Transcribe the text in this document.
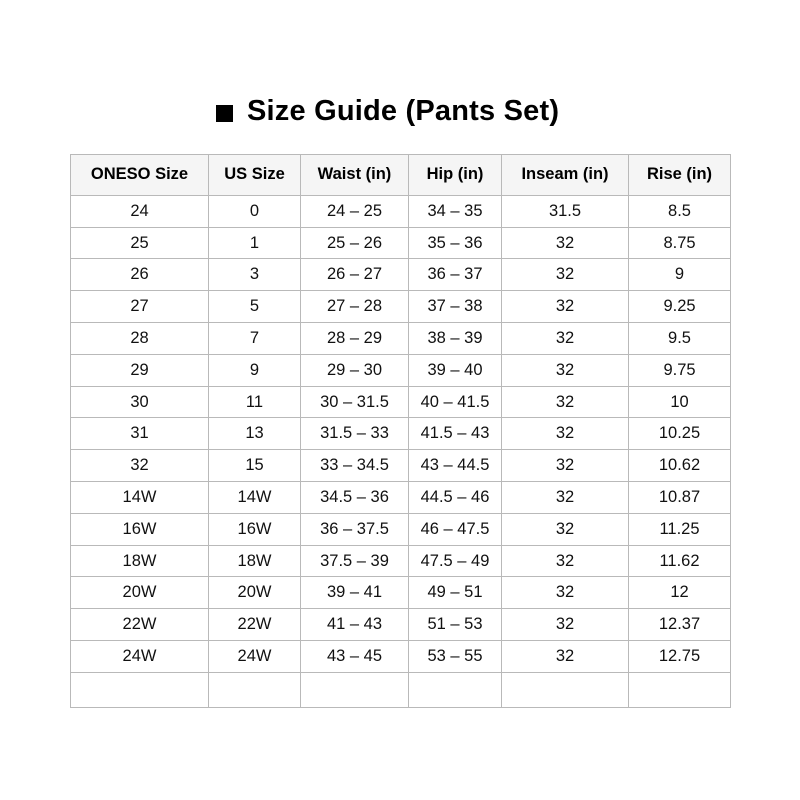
Size Guide (Pants Set)
ONESO Size	US Size	Waist (in)	Hip (in)	Inseam (in)	Rise (in)
24	0	24 – 25	34 – 35	31.5	8.5
25	1	25 – 26	35 – 36	32	8.75
26	3	26 – 27	36 – 37	32	9
27	5	27 – 28	37 – 38	32	9.25
28	7	28 – 29	38 – 39	32	9.5
29	9	29 – 30	39 – 40	32	9.75
30	11	30 – 31.5	40 – 41.5	32	10
31	13	31.5 – 33	41.5 – 43	32	10.25
32	15	33 – 34.5	43 – 44.5	32	10.62
14W	14W	34.5 – 36	44.5 – 46	32	10.87
16W	16W	36 – 37.5	46 – 47.5	32	11.25
18W	18W	37.5 – 39	47.5 – 49	32	11.62
20W	20W	39 – 41	49 – 51	32	12
22W	22W	41 – 43	51 – 53	32	12.37
24W	24W	43 – 45	53 – 55	32	12.75
